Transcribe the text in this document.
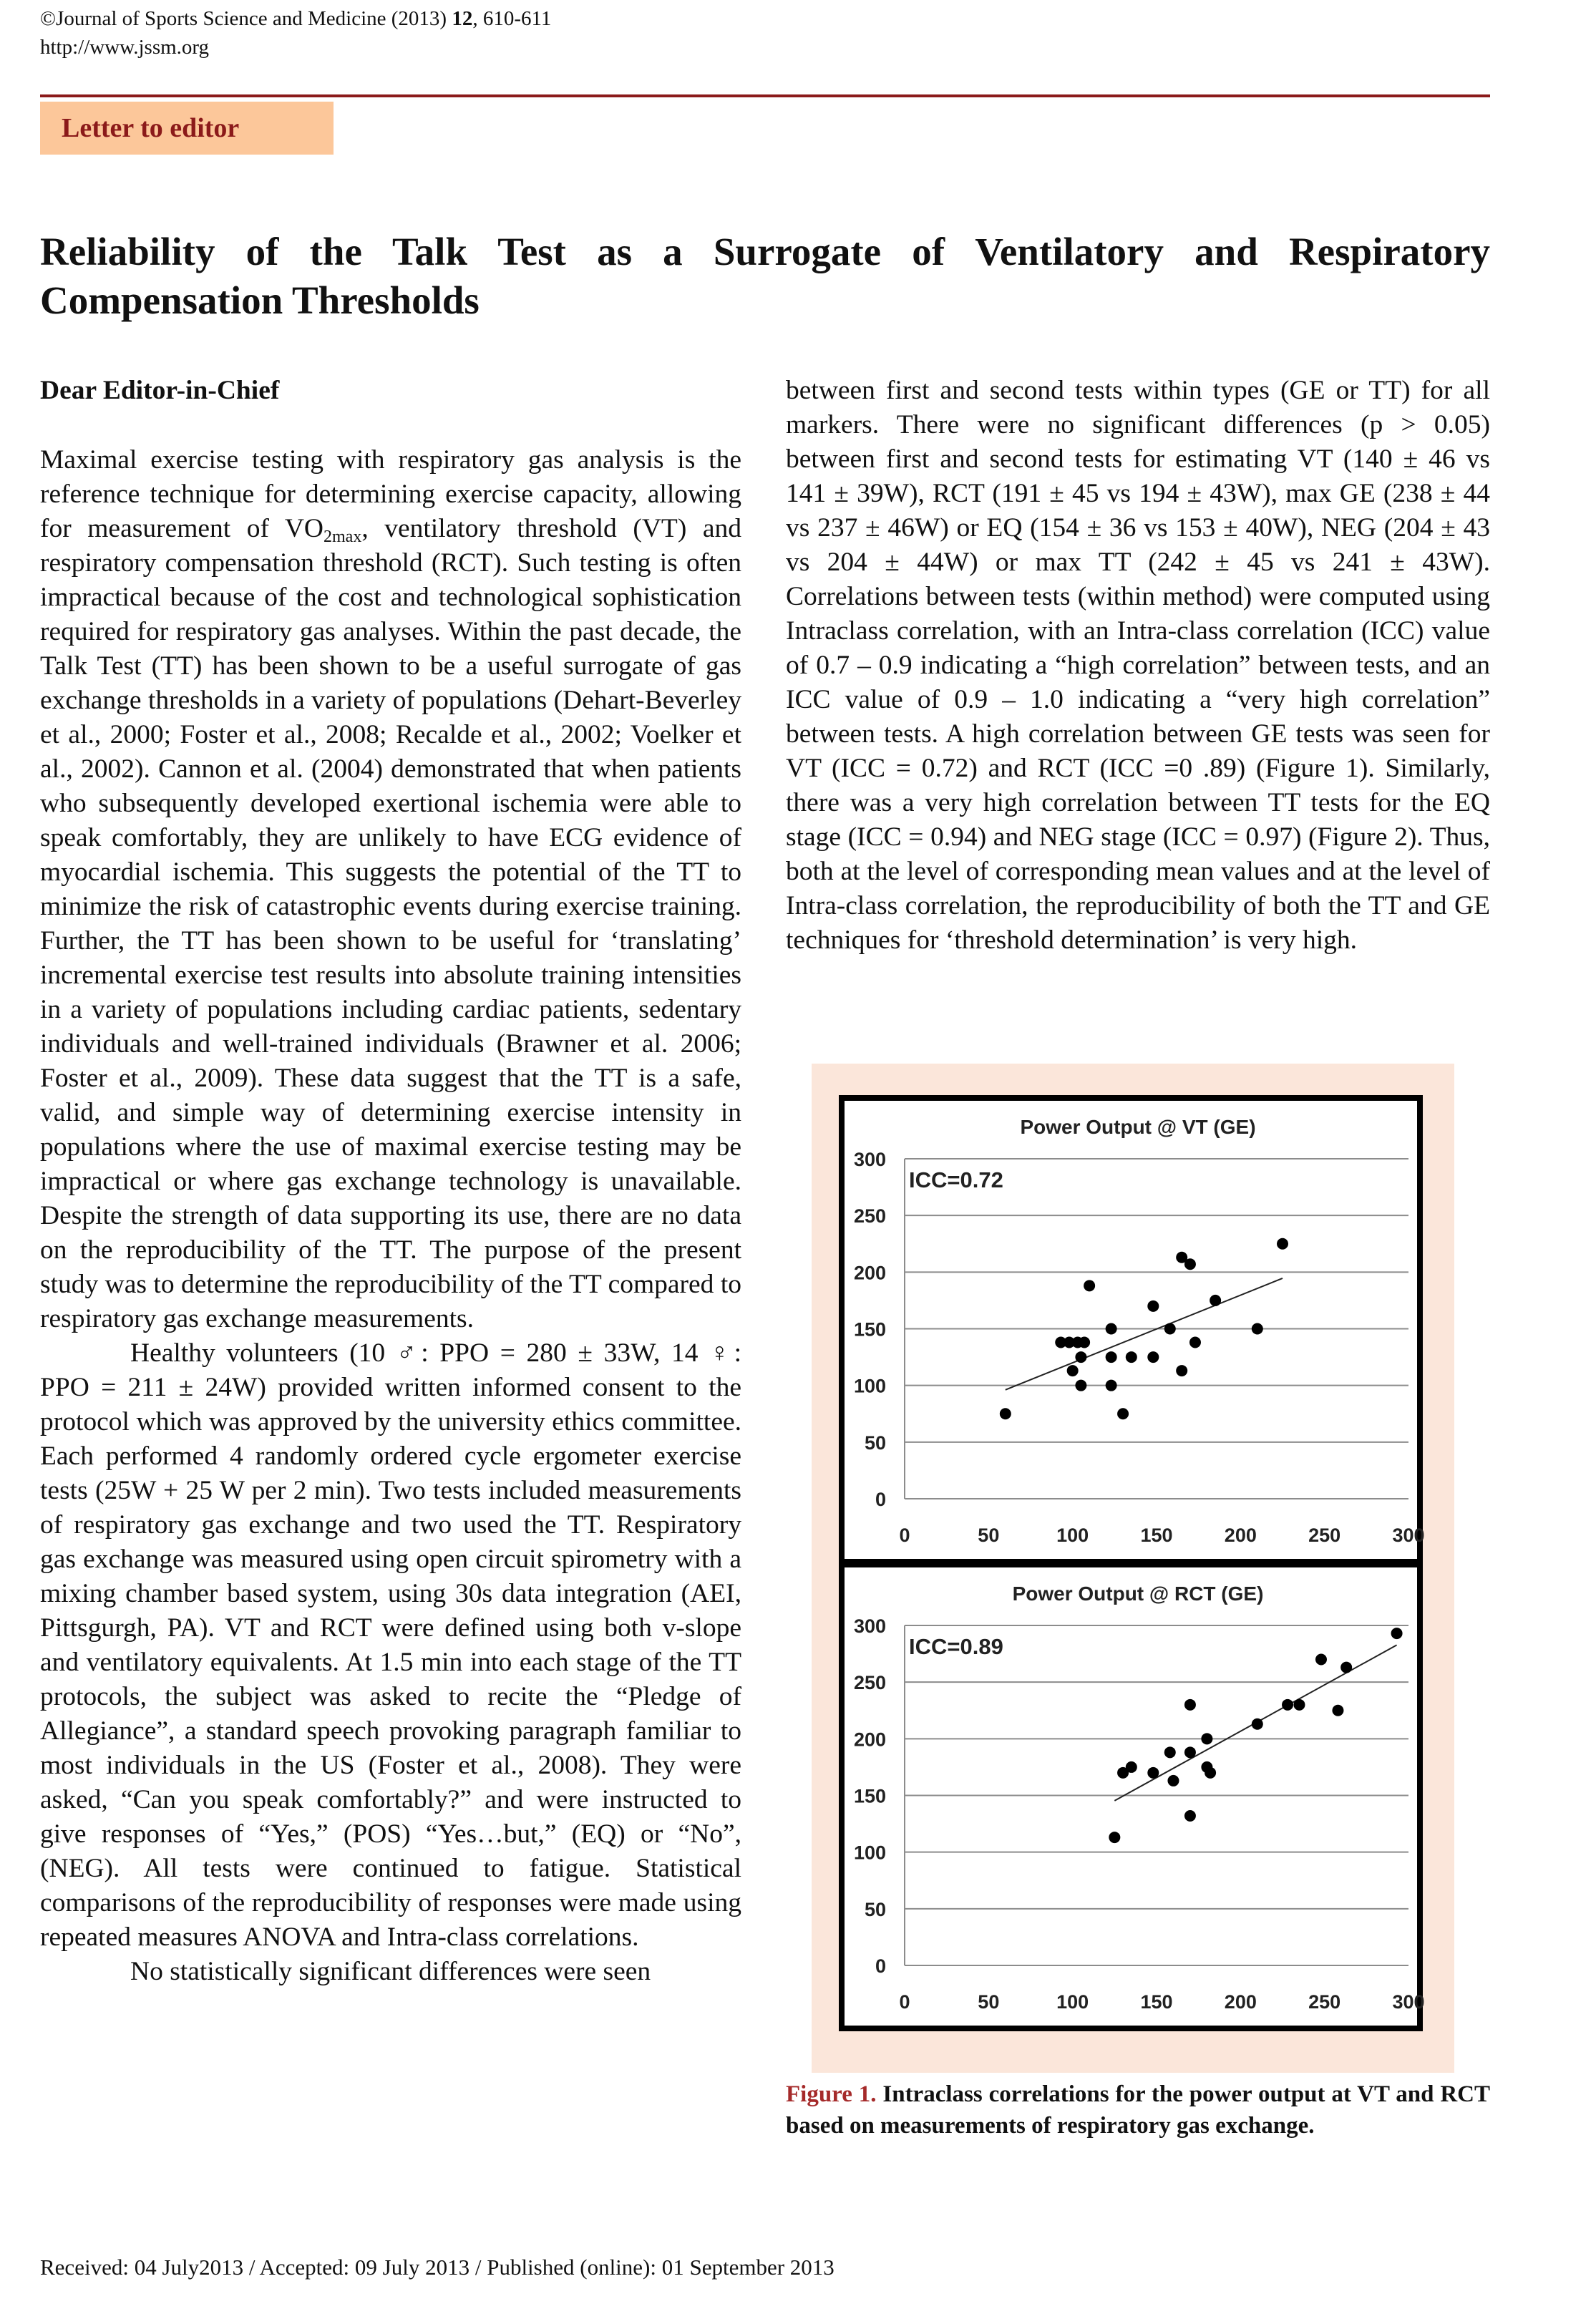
©Journal of Sports Science and Medicine (2013) 12, 610-611
http://www.jssm.org
Letter to editor
Reliability of the Talk Test as a Surrogate of Ventilatory and Respiratory
Compensation Thresholds

Dear Editor-in-Chief

Maximal exercise testing with respiratory gas analysis is the reference technique for determining exercise capacity, allowing for measurement of $VO_{2max}$, ventilatory threshold (VT) and respiratory compensation threshold (RCT). Such testing is often impractical because of the cost and technological sophistication required for respiratory gas analyses. Within the past decade, the Talk Test (TT) has been shown to be a useful surrogate of gas exchange thresholds in a variety of populations (Dehart-Beverley et al., 2000; Foster et al., 2008; Recalde et al., 2002; Voelker et al., 2002). Cannon et al. (2004) demonstrated that when patients who subsequently developed exertional ischemia were able to speak comfortably, they are unlikely to have ECG evidence of myocardial ischemia. This suggests the potential of the TT to minimize the risk of catastrophic events during exercise training. Further, the TT has been shown to be useful for ‘translating’ incremental exercise test results into absolute training intensities in a variety of populations including cardiac patients, sedentary individuals and well-trained individuals (Brawner et al. 2006; Foster et al., 2009). These data suggest that the TT is a safe, valid, and simple way of determining exercise intensity in populations where the use of maximal exercise testing may be impractical or where gas exchange technology is unavailable. Despite the strength of data supporting its use, there are no data on the reproducibility of the TT. The purpose of the present study was to determine the reproducibility of the TT compared to respiratory gas exchange measurements.

Healthy volunteers (10 ♂: PPO = 280 ± 33W, 14 ♀: PPO = 211 ± 24W) provided written informed consent to the protocol which was approved by the university ethics committee. Each performed 4 randomly ordered cycle ergometer exercise tests (25W + 25 W per 2 min). Two tests included measurements of respiratory gas exchange and two used the TT. Respiratory gas exchange was measured using open circuit spirometry with a mixing chamber based system, using 30s data integration (AEI, Pittsgurgh, PA). VT and RCT were defined using both v-slope and ventilatory equivalents. At 1.5 min into each stage of the TT protocols, the subject was asked to recite the “Pledge of Allegiance”, a standard speech provoking paragraph familiar to most individuals in the US (Foster et al., 2008). They were asked, “Can you speak comfortably?” and were instructed to give responses of “Yes,” (POS) “Yes…but,” (EQ) or “No”, (NEG). All tests were continued to fatigue. Statistical comparisons of the reproducibility of responses were made using repeated measures ANOVA and Intra-class correlations.

No statistically significant differences were seen

between first and second tests within types (GE or TT) for all markers. There were no significant differences (p > 0.05) between first and second tests for estimating VT (140 ± 46 vs 141 ± 39W), RCT (191 ± 45 vs 194 ± 43W), max GE (238 ± 44 vs 237 ± 46W) or EQ (154 ± 36 vs 153 ± 40W), NEG (204 ± 43 vs 204 ± 44W) or max TT (242 ± 45 vs 241 ± 43W). Correlations between tests (within method) were computed using Intraclass correlation, with an Intra-class correlation (ICC) value of 0.7 – 0.9 indicating a “high correlation” between tests, and an ICC value of 0.9 – 1.0 indicating a “very high correlation” between tests. A high correlation between GE tests was seen for VT (ICC = 0.72) and RCT (ICC =0 .89) (Figure 1). Similarly, there was a very high correlation between TT tests for the EQ stage (ICC = 0.94) and NEG stage (ICC = 0.97) (Figure 2). Thus, both at the level of corresponding mean values and at the level of Intra-class correlation, the reproducibility of both the TT and GE techniques for ‘threshold determination’ is very high.

0
50
100
150
200
250
300
0	50	100	150	200	250	300
Power Output @ VT (GE)
ICC=0.72
0
50
100
150
200
250
300
0	50	100	150	200	250	300
Power Output @ RCT (GE)
ICC=0.89
Figure 1. Intraclass correlations for the power output at VT and RCT based on measurements of respiratory gas exchange.
Received: 04 July2013 / Accepted: 09 July 2013 / Published (online): 01 September 2013
